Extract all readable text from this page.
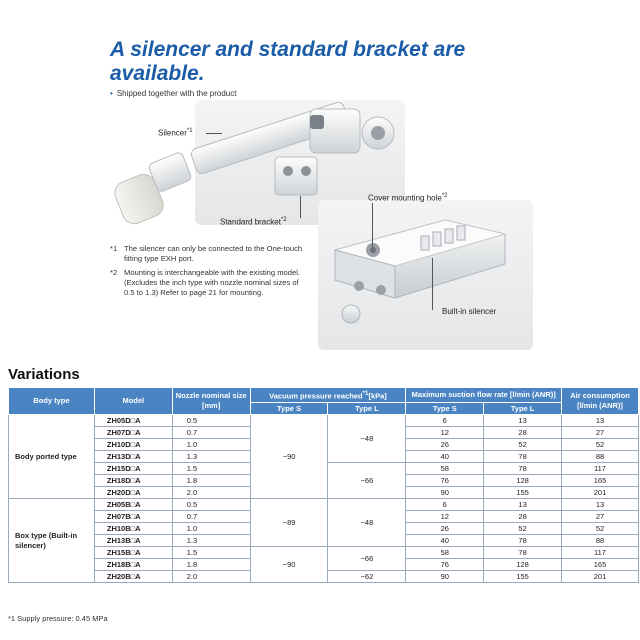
A silencer and standard bracket are available.
• Shipped together with the product
Silencer$^{*1}$
Standard bracket$^{*2}$
*1 The silencer can only be connected to the One-touch fitting type EXH port.
*2 Mounting is interchangeable with the existing model. (Excludes the inch type with nozzle nominal sizes of 0.5 to 1.3) Refer to page 21 for mounting.
Cover mounting hole$^{*2}$
Built-in silencer
Variations
Body type	Model	Nozzle nominal size [mm]	Vacuum pressure reached$^{*1}$[kPa]		Maximum suction flow rate [l/min (ANR)]		Air consumption [l/min (ANR)]
			Type S	Type L	Type S	Type L	
Body ported type	ZH05D□A	0.5	−90	−48	6	13	13
	ZH07D□A	0.7			12	28	27
	ZH10D□A	1.0			26	52	52
	ZH13D□A	1.3			40	78	88
	ZH15D□A	1.5		−66	58	78	117
	ZH18D□A	1.8			76	128	165
	ZH20D□A	2.0			90	155	201
Box type (Built-in silencer)	ZH05B□A	0.5	−89	−48	6	13	13
	ZH07B□A	0.7			12	28	27
	ZH10B□A	1.0			26	52	52
	ZH13B□A	1.3			40	78	88
	ZH15B□A	1.5	−90	−66	58	78	117
	ZH18B□A	1.8			76	128	165
	ZH20B□A	2.0		−62	90	155	201
*1 Supply pressure: 0.45 MPa
